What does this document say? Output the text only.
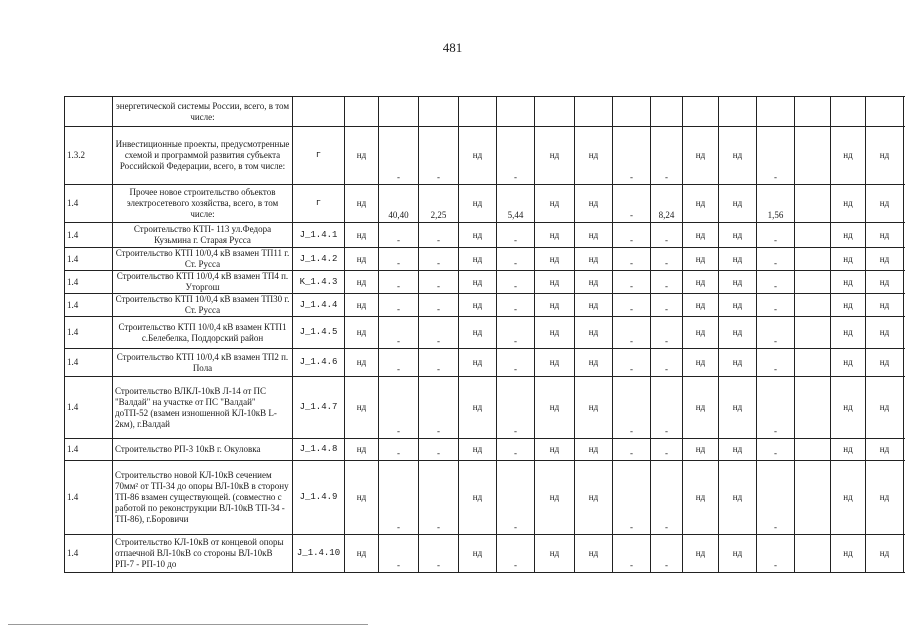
481
	энергетической системы России, всего, в том числе:																	
1.3.2	Инвестиционные проекты, предусмотренные схемой и программой развития субъекта Российской Федерации, всего, в том числе:	г	нд	-	-	нд	-	нд	нд	-	-	нд	нд	-		нд	нд	
1.4	Прочее новое строительство объектов электросетевого хозяйства, всего, в том числе:	г	нд	40,40	2,25	нд	5,44	нд	нд	-	8,24	нд	нд	1,56		нд	нд	
1.4	Строительство КТП- 113 ул.Федора Кузьмина г. Старая Русса	J_1.4.1	нд	-	-	нд	-	нд	нд	-	-	нд	нд	-		нд	нд	
1.4	Строительство КТП 10/0,4 кВ взамен ТП11 г. Ст. Русса	J_1.4.2	нд	-	-	нд	-	нд	нд	-	-	нд	нд	-		нд	нд	
1.4	Строительство КТП 10/0,4 кВ взамен ТП4 п. Уторгош	K_1.4.3	нд	-	-	нд	-	нд	нд	-	-	нд	нд	-		нд	нд	
1.4	Строительство КТП 10/0,4 кВ взамен ТП30 г. Ст. Русса	J_1.4.4	нд	-	-	нд	-	нд	нд	-	-	нд	нд	-		нд	нд	
1.4	Строительство КТП 10/0,4 кВ взамен КТП1 с.Белебелка, Поддорский район	J_1.4.5	нд	-	-	нд	-	нд	нд	-	-	нд	нд	-		нд	нд	
1.4	Строительство КТП 10/0,4 кВ взамен ТП2 п. Пола	J_1.4.6	нд	-	-	нд	-	нд	нд	-	-	нд	нд	-		нд	нд	
1.4	Строительство ВЛКЛ-10кВ Л-14 от ПС "Валдай" на участке от ПС "Валдай" доТП-52 (взамен изношенной КЛ-10кВ L-2км), г.Валдай	J_1.4.7	нд	-	-	нд	-	нд	нд	-	-	нд	нд	-		нд	нд	
1.4	Строительство РП-3 10кВ г. Окуловка	J_1.4.8	нд	-	-	нд	-	нд	нд	-	-	нд	нд	-		нд	нд	
1.4	Строительство новой КЛ-10кВ сечением 70мм² от ТП-34 до опоры ВЛ-10кВ в сторону ТП-86 взамен существующей. (совместно с работой по реконструкции ВЛ-10кВ ТП-34 - ТП-86), г.Боровичи	J_1.4.9	нд	-	-	нд	-	нд	нд	-	-	нд	нд	-		нд	нд	
1.4	Строительство КЛ-10кВ от концевой опоры отпаечной ВЛ-10кВ со стороны ВЛ-10кВ РП-7 - РП-10 до	J_1.4.10	нд	-	-	нд	-	нд	нд	-	-	нд	нд	-		нд	нд	
